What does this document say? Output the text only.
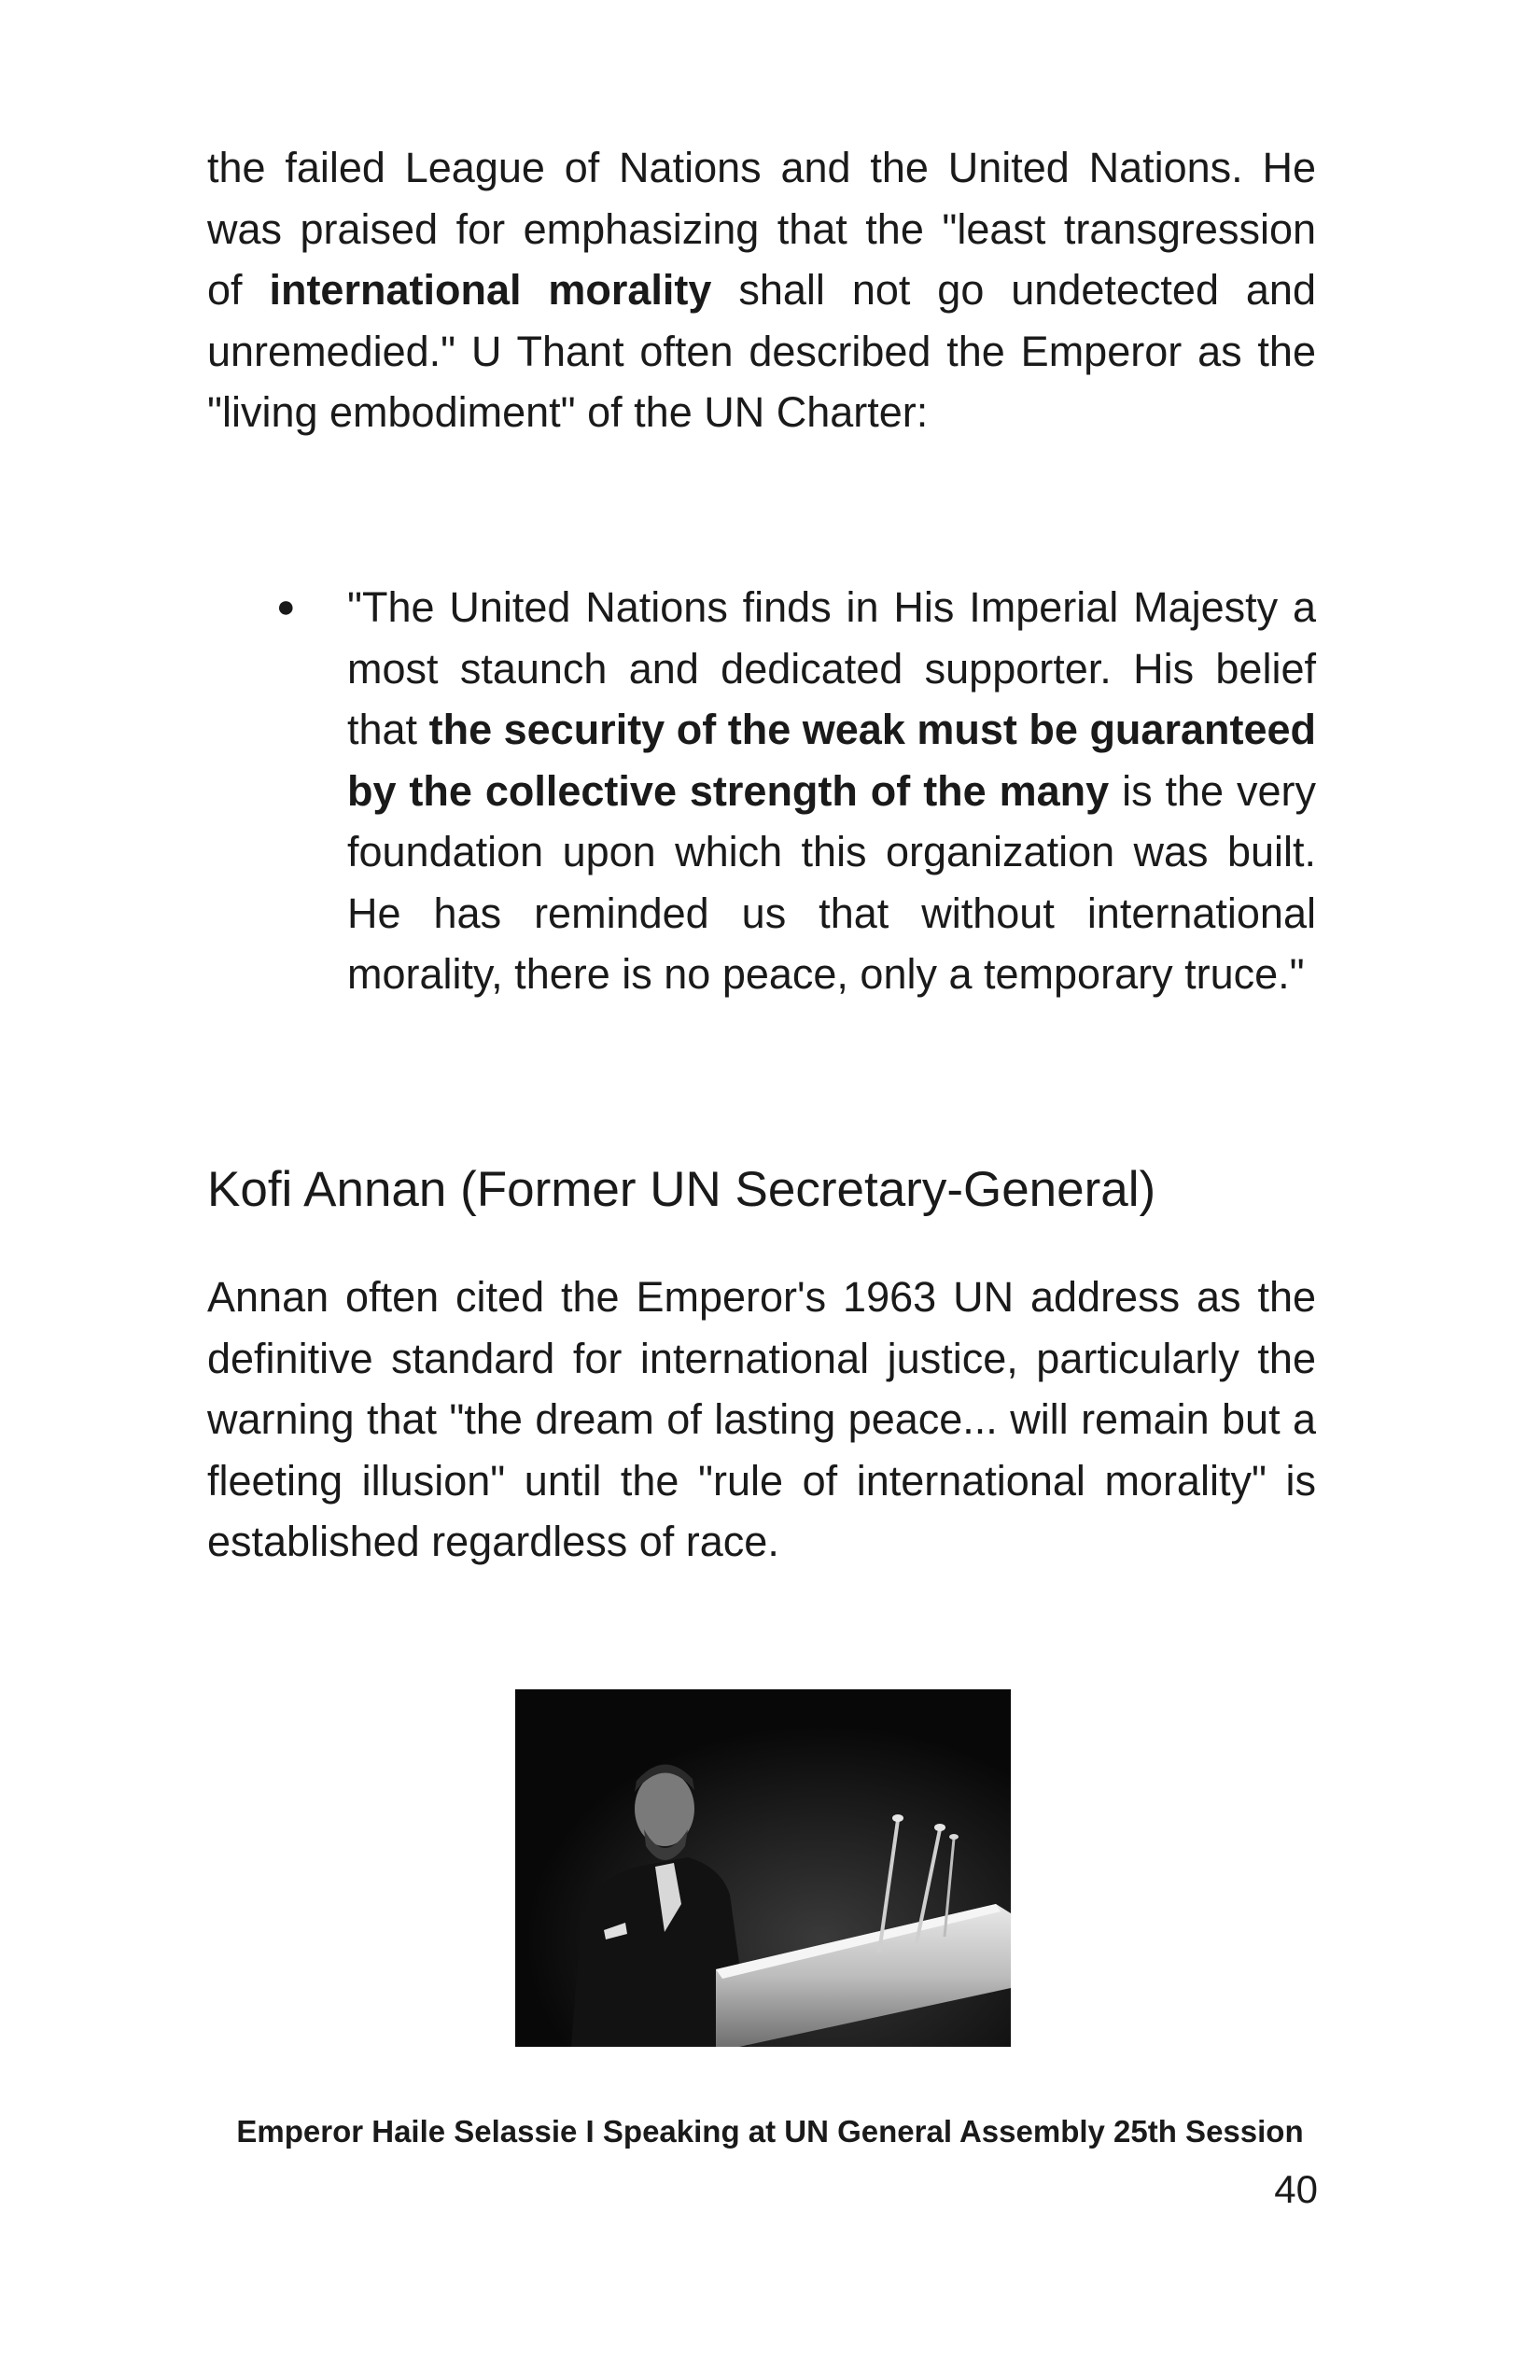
the failed League of Nations and the United Nations. He was praised for emphasizing that the "least transgression of international morality shall not go undetected and unremedied." U Thant often described the Emperor as the "living embodiment" of the UN Charter:

● "The United Nations finds in His Imperial Majesty a most staunch and dedicated supporter. His belief that the security of the weak must be guaranteed by the collective strength of the many is the very foundation upon which this organization was built. He has reminded us that without international morality, there is no peace, only a temporary truce."

Kofi Annan (Former UN Secretary-General)

Annan often cited the Emperor's 1963 UN address as the definitive standard for international justice, particularly the warning that "the dream of lasting peace... will remain but a fleeting illusion" until the "rule of international morality" is established regardless of race.

Emperor Haile Selassie I Speaking at UN General Assembly 25th Session

40
